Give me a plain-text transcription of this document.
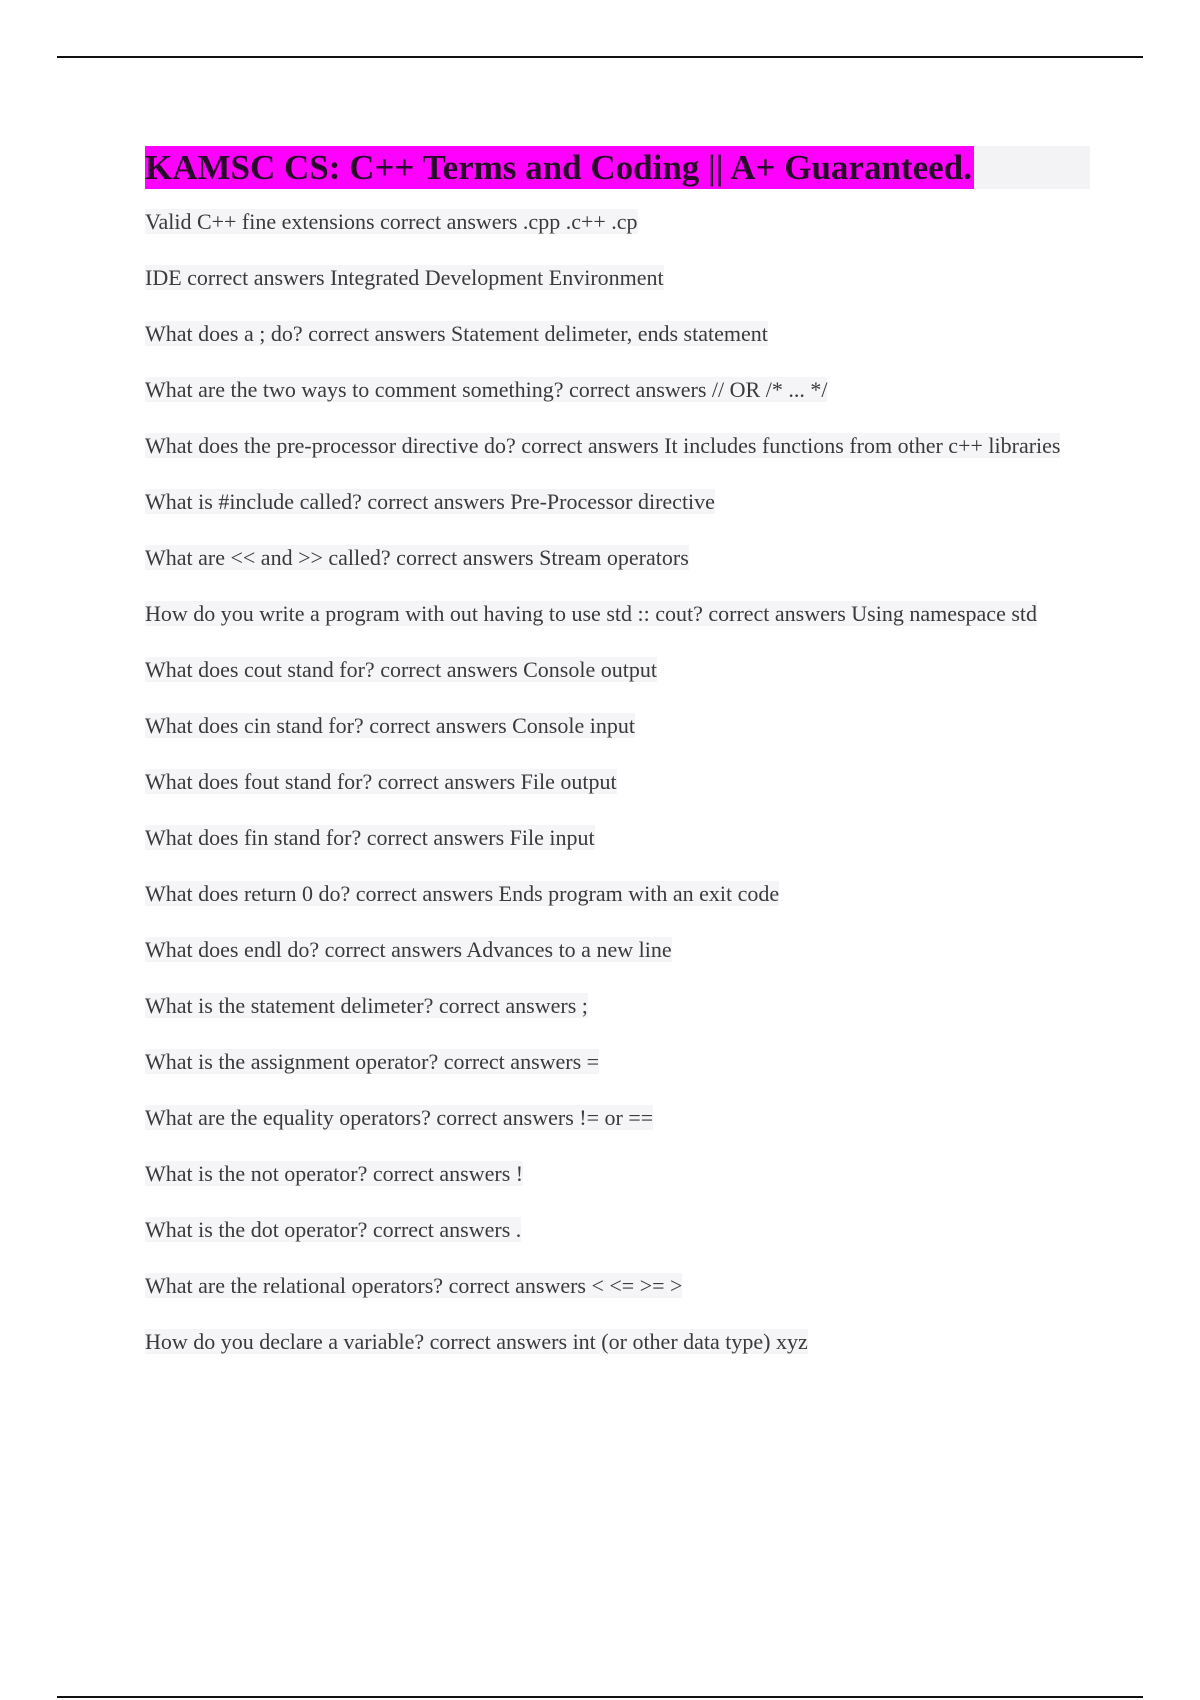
KAMSC CS: C++ Terms and Coding || A+ Guaranteed.
Valid C++ fine extensions correct answers .cpp .c++ .cp
IDE correct answers Integrated Development Environment
What does a ; do? correct answers Statement delimeter, ends statement
What are the two ways to comment something? correct answers // OR /* ... */
What does the pre-processor directive do? correct answers It includes functions from other c++ libraries
What is #include called? correct answers Pre-Processor directive
What are << and >> called? correct answers Stream operators
How do you write a program with out having to use std :: cout? correct answers Using namespace std
What does cout stand for? correct answers Console output
What does cin stand for? correct answers Console input
What does fout stand for? correct answers File output
What does fin stand for? correct answers File input
What does return 0 do? correct answers Ends program with an exit code
What does endl do? correct answers Advances to a new line
What is the statement delimeter? correct answers ;
What is the assignment operator? correct answers =
What are the equality operators? correct answers != or ==
What is the not operator? correct answers !
What is the dot operator? correct answers .
What are the relational operators? correct answers < <= >= >
How do you declare a variable? correct answers int (or other data type) xyz
